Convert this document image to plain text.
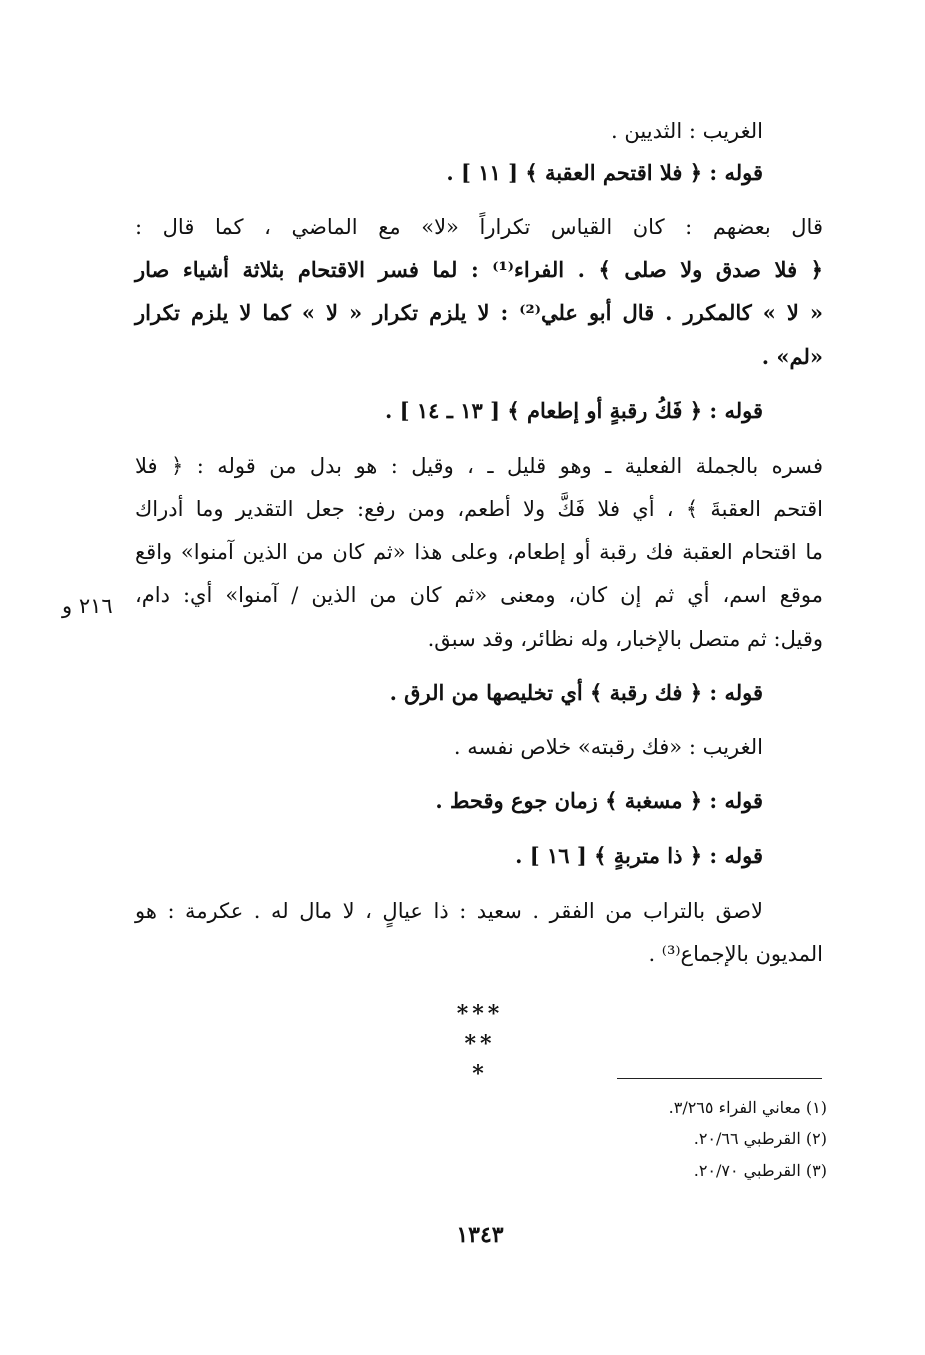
الغريب : الثديين .
قوله : ﴿ فلا اقتحم العقبة ﴾ [ ١١ ] .
قال بعضهم : كان القياس تكراراً «لا» مع الماضي ، كما قال :
﴿ فلا صدق ولا صلى ﴾ . الفراء⁽¹⁾ : لما فسر الاقتحام بثلاثة أشياء صار
« لا » كالمكرر . قال أبو علي⁽²⁾ : لا يلزم تكرار « لا » كما لا يلزم تكرار
«لم» .
قوله : ﴿ فَكُ رقبةٍ أو إطعام ﴾ [ ١٣ ـ ١٤ ] .
فسره بالجملة الفعلية ـ وهو قليل ـ ، وقيل : هو بدل من قوله : ﴿ فلا
اقتحم العقبةَ ﴾ ، أي فلا فَكَّ ولا أطعم، ومن رفع: جعل التقدير وما أدراك
ما اقتحام العقبة فك رقبة أو إطعام، وعلى هذا «ثم كان من الذين آمنوا» واقع
موقع اسم، أي ثم إن كان، ومعنى «ثم كان من الذين / آمنوا» أي: دام،
٢١٦ و
وقيل: ثم متصل بالإخبار، وله نظائر، وقد سبق.
قوله : ﴿ فك رقبة ﴾ أي تخليصها من الرق .
الغريب : «فك رقبته» خلاص نفسه .
قوله : ﴿ مسغبة ﴾ زمان جوع وقحط .
قوله : ﴿ ذا متربةٍ ﴾ [ ١٦ ] .
لاصق بالتراب من الفقر . سعيد : ذا عيالٍ ، لا مال له . عكرمة : هو
المديون بالإجماع⁽³⁾ .
***
**
*
(١) معاني الفراء ٣/٢٦٥.
(٢) القرطبي ٢٠/٦٦.
(٣) القرطبي ٢٠/٧٠.
١٣٤٣
